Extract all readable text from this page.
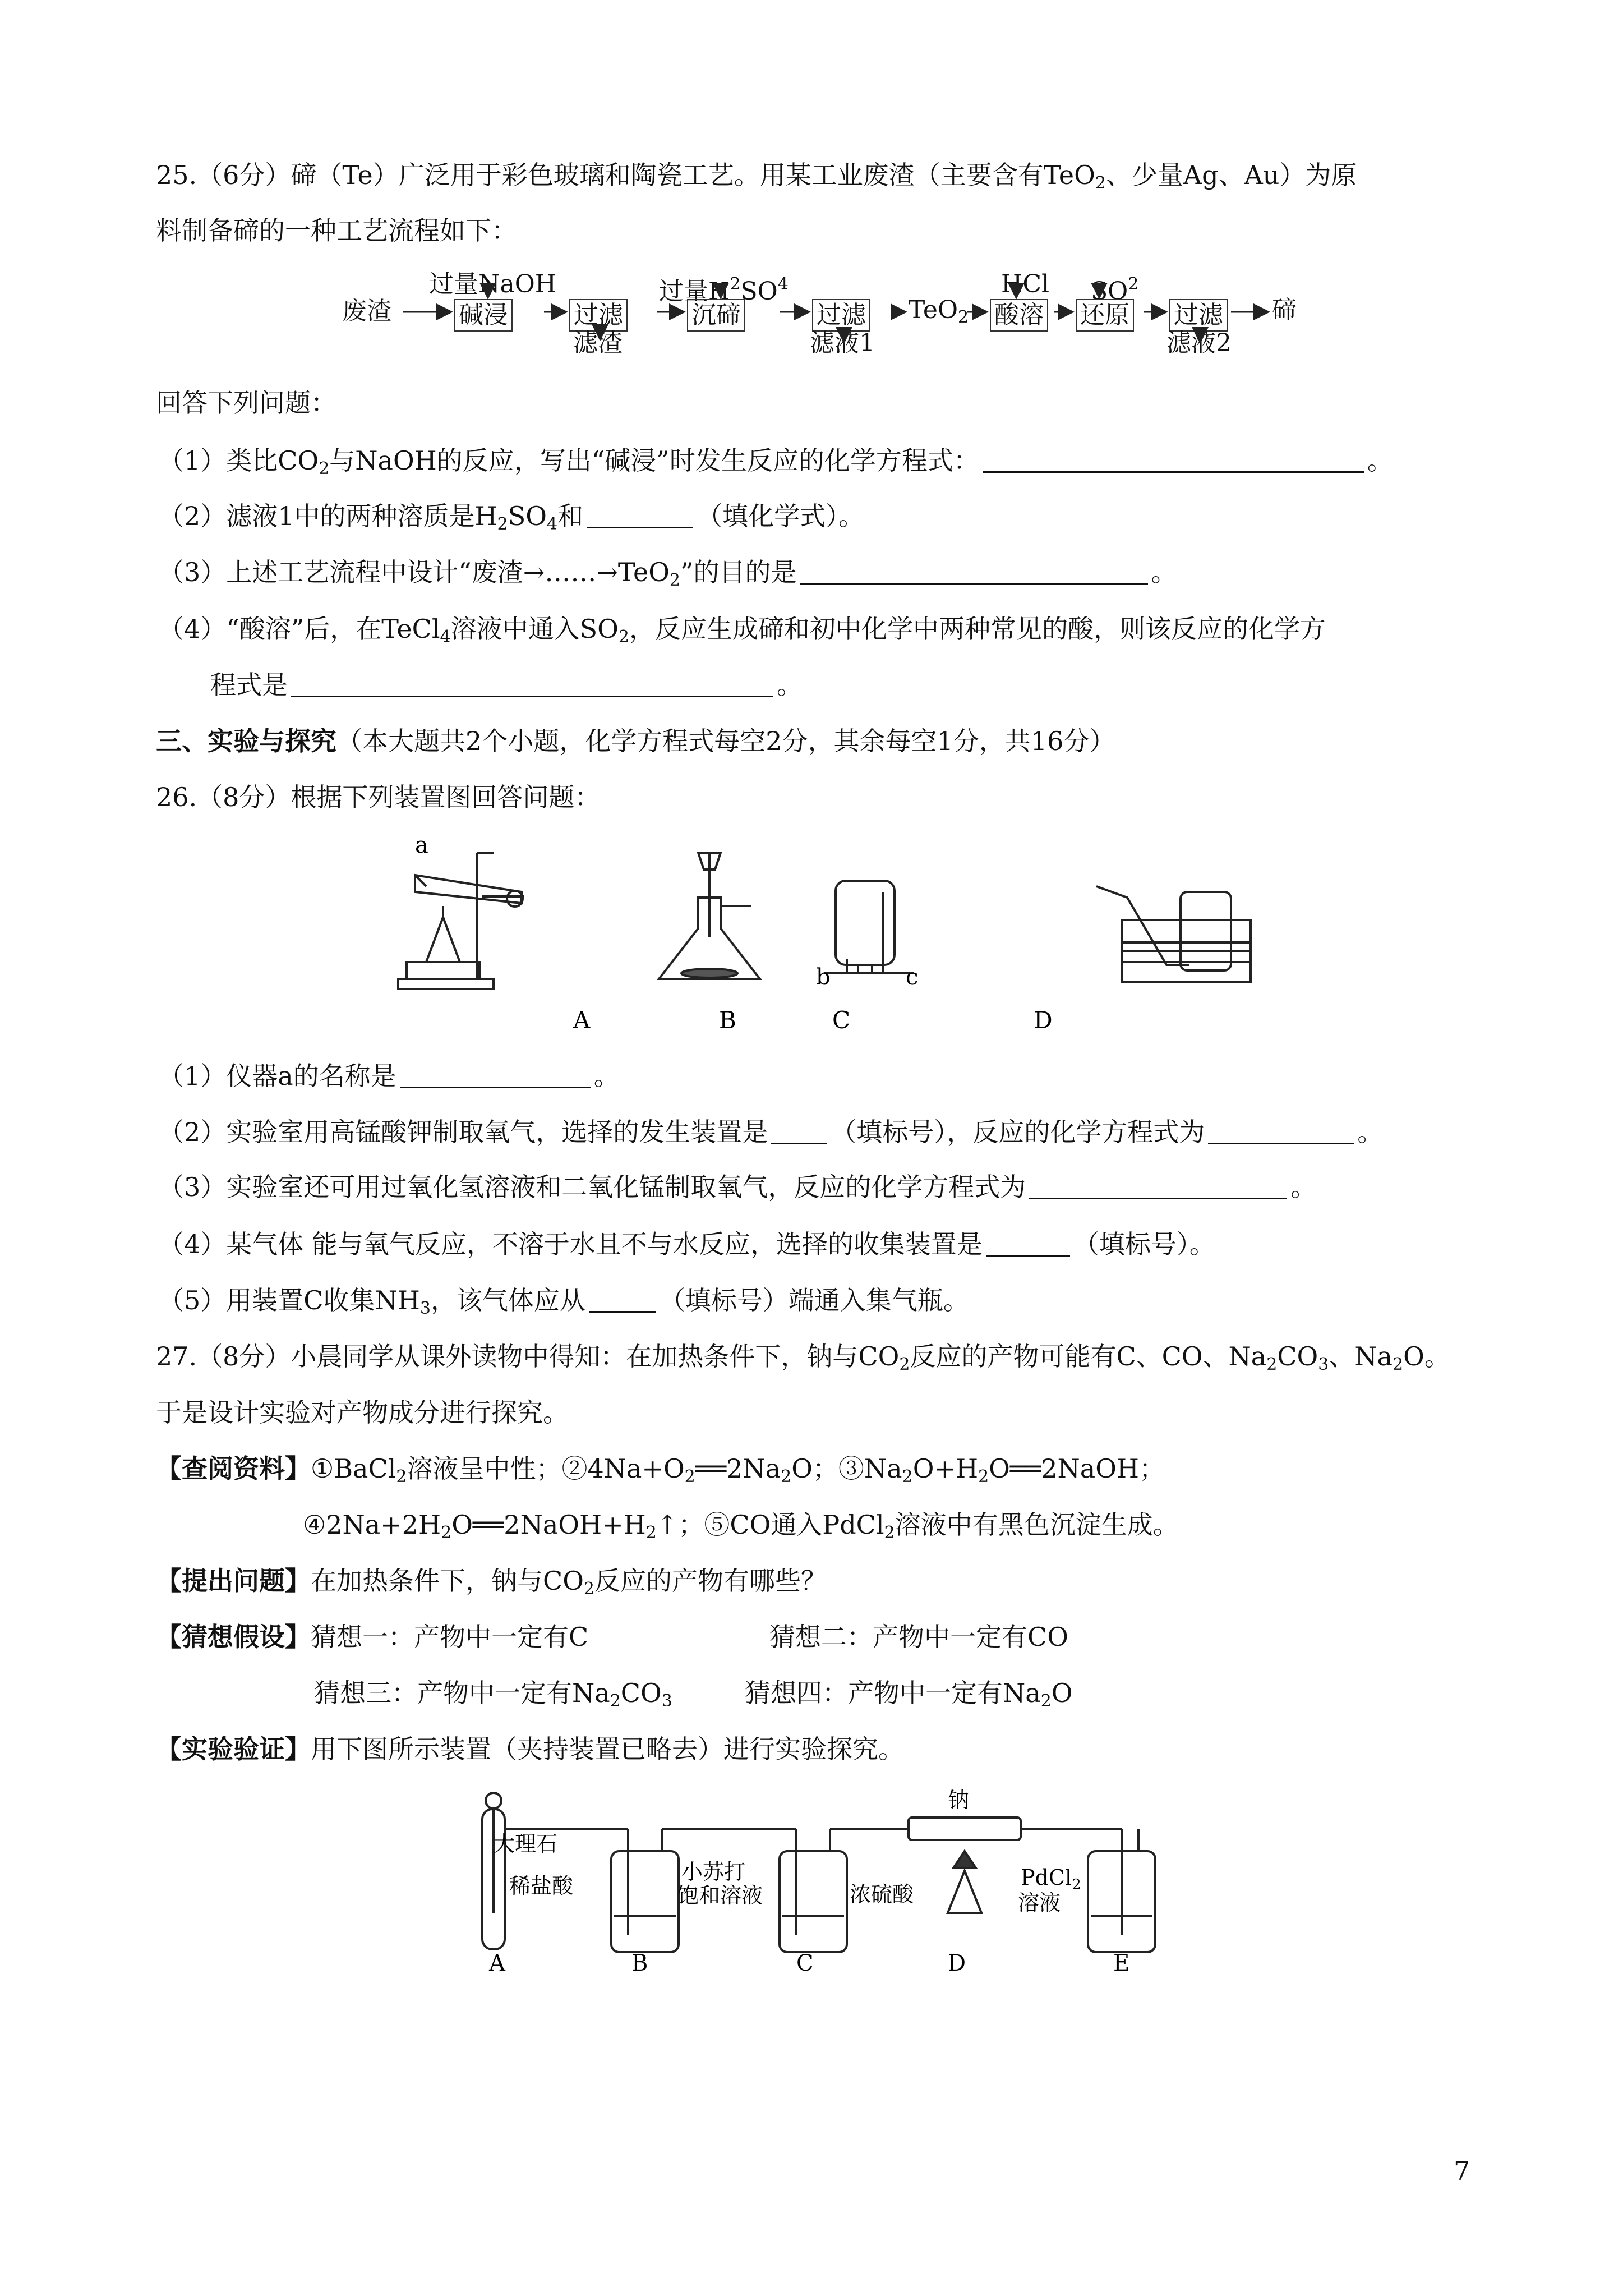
25.（6分）碲（Te）广泛用于彩色玻璃和陶瓷工艺。用某工业废渣（主要含有TeO$_2$、少量Ag、Au）为原
料制备碲的一种工艺流程如下：
废渣
过量NaOH
碱浸	过滤
滤渣
过量$H^2SO^4$
沉碲	过滤
滤液1
TeO$_2$
HCl
酸溶
$SO^2$
还原 过滤
滤液2
碲
回答下列问题：
（1）类比$CO_2$与NaOH的反应，写出“碱浸”时发生反应的化学方程式：	。
（2）滤液1中的两种溶质是$H_2SO_4$和	（填化学式）。
（3）上述工艺流程中设计“废渣→……→TeO$_2$”的目的是	。
（4）“酸溶”后，在TeCl$_4$溶液中通入$SO_2$，反应生成碲和初中化学中两种常见的酸，则该反应的化学方
程式是	。
三、实验与探究（本大题共2个小题，化学方程式每空2分，其余每空1分，共16分）
26.（8分）根据下列装置图回答问题：
a
b	c
A	B	C	D
（1）仪器a的名称是	。
（2）实验室用高锰酸钾制取氧气，选择的发生装置是 （填标号），反应的化学方程式为	。
（3）实验室还可用过氧化氢溶液和二氧化锰制取氧气，反应的化学方程式为	。
（4）某气体 能与氧气反应，不溶于水且不与水反应，选择的收集装置是	（填标号）。
（5）用装置C收集$NH_3$，该气体应从	（填标号）端通入集气瓶。
27.（8分）小晨同学从课外读物中得知：在加热条件下，钠与$CO_2$反应的产物可能有C、CO、$Na_2CO_3$、$Na_2O$。
于是设计实验对产物成分进行探究。
【查阅资料】①BaCl$_2$溶液呈中性；$②4Na+O_2══2Na_2O$；$③Na_2O+H_2O══2NaOH$；
$④2Na+2H_2O══2NaOH+H_2↑$；⑤CO通入PdCl$_2$溶液中有黑色沉淀生成。
【提出问题】在加热条件下，钠与$CO_2$反应的产物有哪些？
【猜想假设】猜想一：产物中一定有C	猜想二：产物中一定有CO
猜想三：产物中一定有$Na_2CO_3$	猜想四：产物中一定有$Na_2O$
【实验验证】用下图所示装置（夹持装置已略去）进行实验探究。
大理石
稀盐酸
小苏打
饱和溶液	浓硫酸
钠
PdCl$_2$
溶液
A	B	C	D	E
7
